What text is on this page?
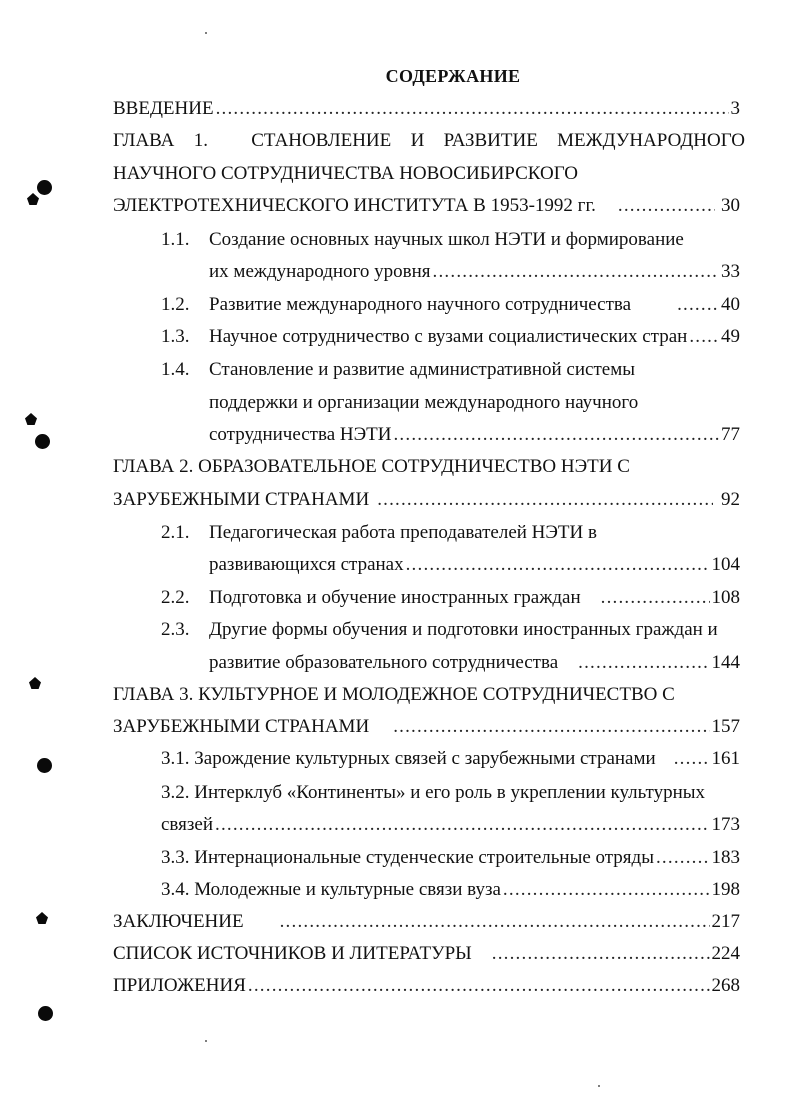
СОДЕРЖАНИЕ
ВВЕДЕНИЕ .....	3
ГЛАВА 1. СТАНОВЛЕНИЕ И РАЗВИТИЕ МЕЖДУНАРОДНОГО
НАУЧНОГО СОТРУДНИЧЕСТВА НОВОСИБИРСКОГО
ЭЛЕКТРОТЕХНИЧЕСКОГО ИНСТИТУТА В 1953-1992 гг. .....	30
1.1. Создание основных научных школ НЭТИ и формирование
их международного уровня .....	33
1.2. Развитие международного научного сотрудничества .....	40
1.3. Научное сотрудничество с вузами социалистических стран ..... 49
1.4. Становление и развитие административной системы
поддержки и организации международного научного
сотрудничества НЭТИ .....	77
ГЛАВА 2. ОБРАЗОВАТЕЛЬНОЕ СОТРУДНИЧЕСТВО НЭТИ С
ЗАРУБЕЖНЫМИ СТРАНАМИ .....	92
2.1. Педагогическая работа преподавателей НЭТИ в
развивающихся странах .....	104
2.2. Подготовка и обучение иностранных граждан .....	108
2.3. Другие формы обучения и подготовки иностранных граждан и
развитие образовательного сотрудничества .....	144
ГЛАВА 3. КУЛЬТУРНОЕ И МОЛОДЕЖНОЕ СОТРУДНИЧЕСТВО С
ЗАРУБЕЖНЫМИ СТРАНАМИ .....	157
3.1. Зарождение культурных связей с зарубежными странами .....	161
3.2. Интерклуб «Континенты» и его роль в укреплении культурных
связей .....	173
3.3. Интернациональные студенческие строительные отряды .....	183
3.4. Молодежные и культурные связи вуза .....	198
ЗАКЛЮЧЕНИЕ .....	217
СПИСОК ИСТОЧНИКОВ И ЛИТЕРАТУРЫ .....	224
ПРИЛОЖЕНИЯ .....	268
